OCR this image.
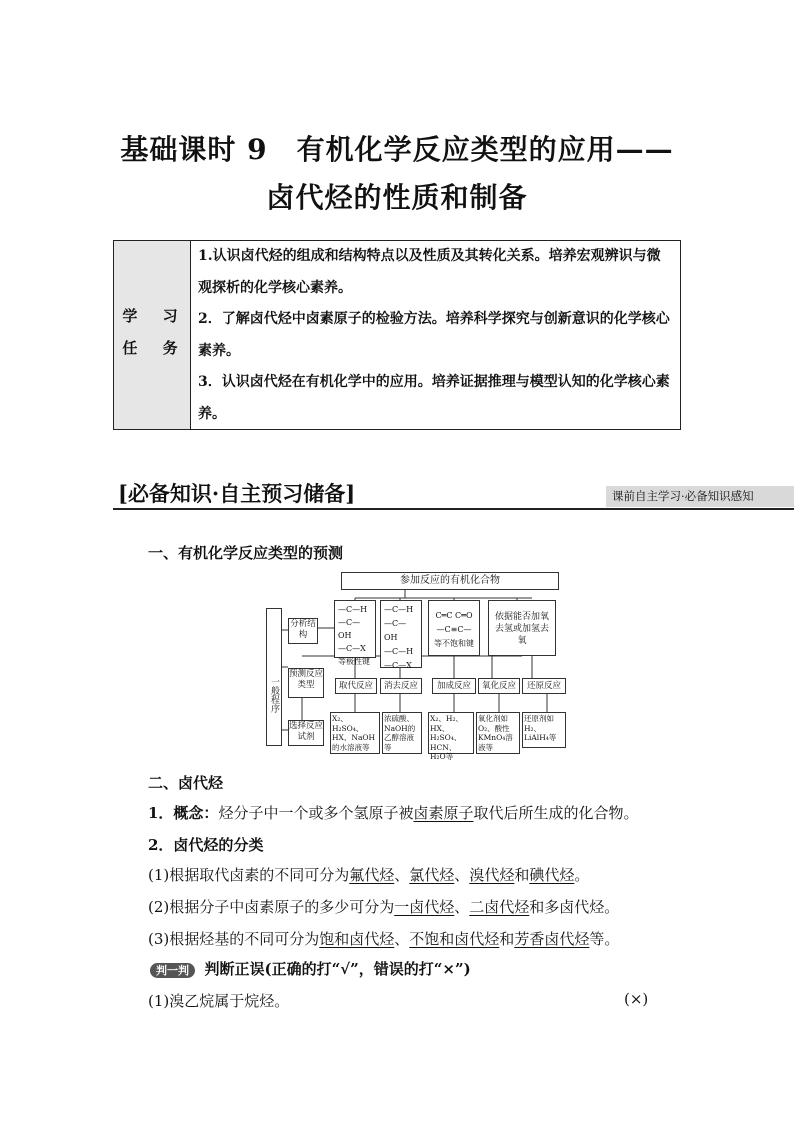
基础课时 9　有机化学反应类型的应用——
卤代烃的性质和制备
学 习
任 务

1.认识卤代烃的组成和结构特点以及性质及其转化关系。培养宏观辨识与微观探析的化学核心素养。

2．了解卤代烃中卤素原子的检验方法。培养科学探究与创新意识的化学核心素养。

3．认识卤代烃在有机化学中的应用。培养证据推理与模型认知的化学核心素养。

[必备知识·自主预习储备]	课前自主学习·必备知识感知
一、有机化学反应类型的预测
参加反应的有机化合物
一般程序
分析结构
预测反应类型
选择反应试剂
—C—H
—C—OH
—C—X
等极性键
—C—H
—C—OH
—C—H
—C—X
C═C C═O
—C≡C—
等不饱和键
依据能否加氧去氢或加氢去氧
取代反应	消去反应	加成反应	氧化反应	还原反应
X₂、H₂SO₄、HX、NaOH的水溶液等
浓硫酸、NaOH的乙醇溶液等
X₂、H₂、HX、H₂SO₄、HCN、H₂O等
氧化剂如O₂、酸性KMnO₄溶液等
还原剂如H₂、LiAlH₄等
二、卤代烃
1．概念：烃分子中一个或多个氢原子被卤素原子取代后所生成的化合物。
2．卤代烃的分类
(1)根据取代卤素的不同可分为氟代烃、氯代烃、溴代烃和碘代烃。
(2)根据分子中卤素原子的多少可分为一卤代烃、二卤代烃和多卤代烃。
(3)根据烃基的不同可分为饱和卤代烃、不饱和卤代烃和芳香卤代烃等。
判一判 判断正误(正确的打“√”，错误的打“×”)
(1)溴乙烷属于烷烃。	(×)
